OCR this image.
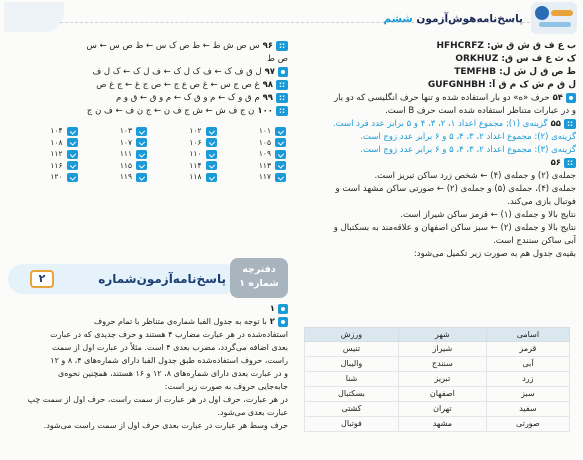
پاسخ‌نامه‌هوش‌آزمون ششم
HFHCRFZ :ب ع ف ق ش ق ش
ORKHUZ :ک ث ع ف س ق
TEMFHB :ط ص ق ل ش ل
GUFGNHBH :ل ق م ش ک م ق آ
۵۴حرف «ه» دو بار استفاده شده و تنها حرف انگلیسی که دو بار
و در عبارات متناظر استفاده شده است حرف B است.
::۵۵گزینه‌ی (۱): مجموع اعداد ۱، ۲، ۳، ۴ و ۵ برابر عدد فرد است.
گزینه‌ی (۲): مجموع اعداد ۲، ۳، ۴، ۵ و ۶ برابر عدد زوج است.
گزینه‌ی (۳): مجموع اعداد ۲، ۳، ۴، ۵ و ۶ برابر عدد زوج است.
::۵۶
جمله‌ی (۲) و جمله‌ی (۴) ← شخص زرد ساکن تبریز است.
جمله‌ی (۴)، جمله‌ی (۵) و جمله‌ی (۲) ← صورتی ساکن مشهد است و
فوتبال بازی می‌کند.
نتایج بالا و جمله‌ی (۱) ← قرمز ساکن شیراز است.
نتایج بالا و جمله‌ی (۲) ← سبز ساکن اصفهان و علاقه‌مند به بسکتبال و
آبی ساکن سنندج است.
بقیه‌ی جدول هم به صورت زیر تکمیل می‌شود:
اسامی	شهر	ورزش
قرمز	شیراز	تنیس
آبی	سنندج	والیبال
زرد	تبریز	شنا
سبز	اصفهان	بسکتبال
سفید	تهران	کشتی
صورتی	مشهد	فوتبال
::۹۶س ص ش ط ← ط ص ک س ← ط ص س ← س
ص ط
۹۷ل ق ف ک ← ف ک ل ک ← ف ل ک ← ک ل ف
::۹۸غ ص ج س ← غ ص ع ج ← ص ج غ ← ج غ ص
::۹۹م ق و ک ← م و ق ک ← م و ق ← ق و م
::۱۰۰ن ج ف ش ← ش ج ف ن ← ج ن ف ← ف ن ج
۱۰۱	۱۰۲	۱۰۳	۱۰۴
۱۰۵	۱۰۶	۱۰۷	۱۰۸
۱۰۹	۱۱۰	۱۱۱	۱۱۲
۱۱۳	۱۱۴	۱۱۵	۱۱۶
۱۱۷	۱۱۸	۱۱۹	۱۲۰
پاسخ‌نامه‌آزمون‌شماره
۲
دفترچه
شماره ۱
۱
۲با توجه به جدول الفبا شماره‌ی متناظر با تمام حروف
استفاده‌شده در هر عبارت مضارب ۴ هستند و حرف جدیدی که در عبارت
بعدی اضافه می‌گردد، مضرب بعدی ۴ است. مثلاً در عبارت اول از سمت
راست، حروف استفاده‌شده طبق جدول الفبا دارای شماره‌های ۴، ۸ و ۱۲
و در عبارت بعدی دارای شماره‌های ۸، ۱۲ و ۱۶ هستند، همچنین نحوه‌ی
جابه‌جایی حروف به صورت زیر است:
در هر عبارت، حرف اول در هر عبارت از سمت راست، حرف اول از سمت چپ
عبارت بعدی می‌شود.
حرف وسط هر عبارت در عبارت بعدی حرف اول از سمت راست می‌شود.
